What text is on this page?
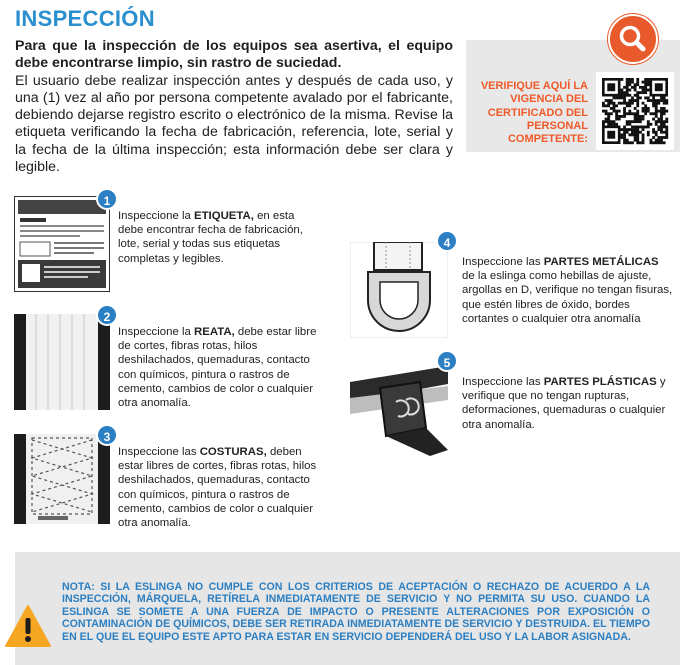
INSPECCIÓN
Para que la inspección de los equipos sea asertiva, el equipo debe encontrarse limpio, sin rastro de suciedad.
El usuario debe realizar inspección antes y después de cada uso, y una (1) vez al año por persona competente avalado por el fabricante, debiendo dejarse registro escrito o electrónico de la misma. Revise la etiqueta verificando la fecha de fabricación, referencia, lote, serial y la fecha de la última inspección; esta información debe ser clara y legible.
VERIFIQUE AQUÍ LA VIGENCIA DEL CERTIFICADO DEL PERSONAL COMPETENTE:
1
Inspeccione la ETIQUETA, en esta debe encontrar fecha de fabricación, lote, serial y todas sus etiquetas completas y legibles.
2
Inspeccione la REATA, debe estar libre de cortes, fibras rotas, hilos deshilachados, quemaduras, contacto con químicos, pintura o rastros de cemento, cambios de color o cualquier otra anomalía.
3
Inspeccione las COSTURAS, deben estar libres de cortes, fibras rotas, hilos deshilachados, quemaduras, contacto con químicos, pintura o rastros de cemento, cambios de color o cualquier otra anomalía.
4
Inspeccione las PARTES METÁLICAS de la eslinga como hebillas de ajuste, argollas en D, verifique no tengan fisuras, que estén libres de óxido, bordes cortantes o cualquier otra anomalía
5
Inspeccione las PARTES PLÁSTICAS y verifique que no tengan rupturas, deformaciones, quemaduras o cualquier otra anomalía.
NOTA: SI LA ESLINGA NO CUMPLE CON LOS CRITERIOS DE ACEPTACIÓN O RECHAZO DE ACUERDO A LA INSPECCIÓN, MÁRQUELA, RETÍRELA INMEDIATAMENTE DE SERVICIO Y NO PERMITA SU USO. CUANDO LA ESLINGA SE SOMETE A UNA FUERZA DE IMPACTO O PRESENTE ALTERACIONES POR EXPOSICIÓN O CONTAMINACIÓN DE QUÍMICOS, DEBE SER RETIRADA INMEDIATAMENTE DE SERVICIO Y DESTRUIDA. EL TIEMPO EN EL QUE EL EQUIPO ESTE APTO PARA ESTAR EN SERVICIO DEPENDERÁ DEL USO Y LA LABOR ASIGNADA.
